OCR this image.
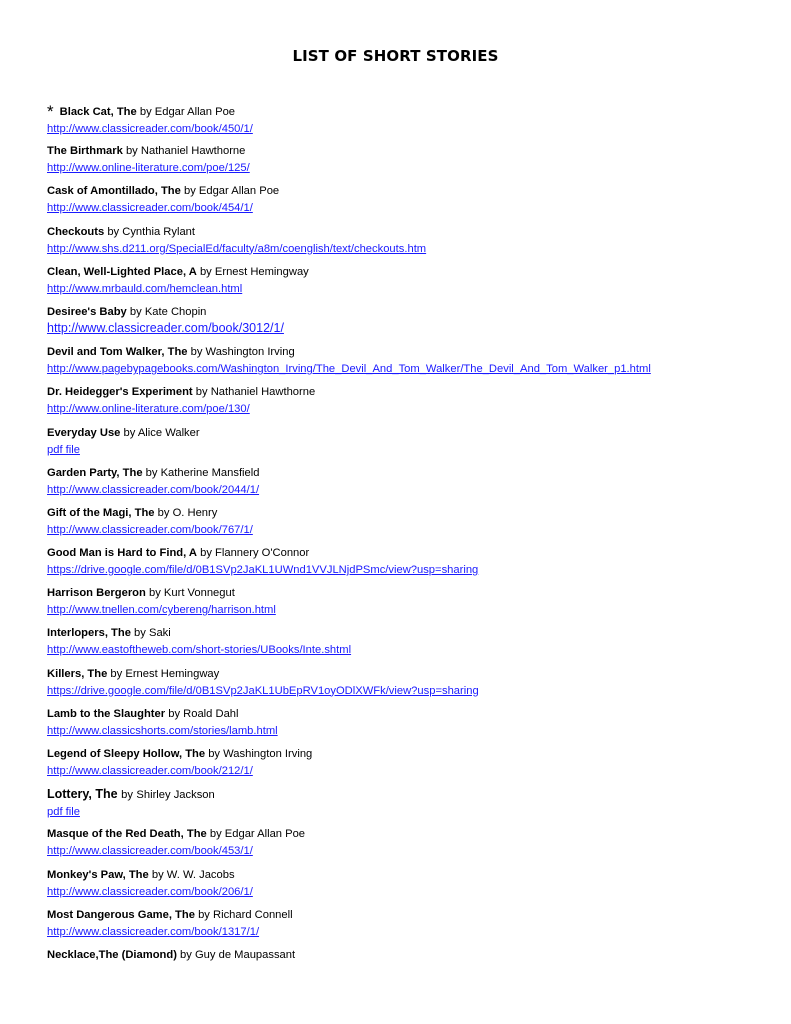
LIST OF SHORT STORIES
* Black Cat, The by Edgar Allan Poe
http://www.classicreader.com/book/450/1/
The Birthmark by Nathaniel Hawthorne
http://www.online-literature.com/poe/125/
Cask of Amontillado, The by Edgar Allan Poe
http://www.classicreader.com/book/454/1/
Checkouts by Cynthia Rylant
http://www.shs.d211.org/SpecialEd/faculty/a8m/coenglish/text/checkouts.htm
Clean, Well-Lighted Place, A by Ernest Hemingway
http://www.mrbauld.com/hemclean.html
Desiree's Baby by Kate Chopin
http://www.classicreader.com/book/3012/1/
Devil and Tom Walker, The by Washington Irving
http://www.pagebypagebooks.com/Washington_Irving/The_Devil_And_Tom_Walker/The_Devil_And_Tom_Walker_p1.html
Dr. Heidegger's Experiment by Nathaniel Hawthorne
http://www.online-literature.com/poe/130/
Everyday Use by Alice Walker
pdf file
Garden Party, The by Katherine Mansfield
http://www.classicreader.com/book/2044/1/
Gift of the Magi, The by O. Henry
http://www.classicreader.com/book/767/1/
Good Man is Hard to Find, A by Flannery O'Connor
https://drive.google.com/file/d/0B1SVp2JaKL1UWnd1VVJLNjdPSmc/view?usp=sharing
Harrison Bergeron by Kurt Vonnegut
http://www.tnellen.com/cybereng/harrison.html
Interlopers, The by Saki
http://www.eastoftheweb.com/short-stories/UBooks/Inte.shtml
Killers, The by Ernest Hemingway
https://drive.google.com/file/d/0B1SVp2JaKL1UbEpRV1oyODlXWFk/view?usp=sharing
Lamb to the Slaughter by Roald Dahl
http://www.classicshorts.com/stories/lamb.html
Legend of Sleepy Hollow, The by Washington Irving
http://www.classicreader.com/book/212/1/
Lottery, The by Shirley Jackson
pdf file
Masque of the Red Death, The by Edgar Allan Poe
http://www.classicreader.com/book/453/1/
Monkey's Paw, The by W. W. Jacobs
http://www.classicreader.com/book/206/1/
Most Dangerous Game, The by Richard Connell
http://www.classicreader.com/book/1317/1/
Necklace,The (Diamond) by Guy de Maupassant
